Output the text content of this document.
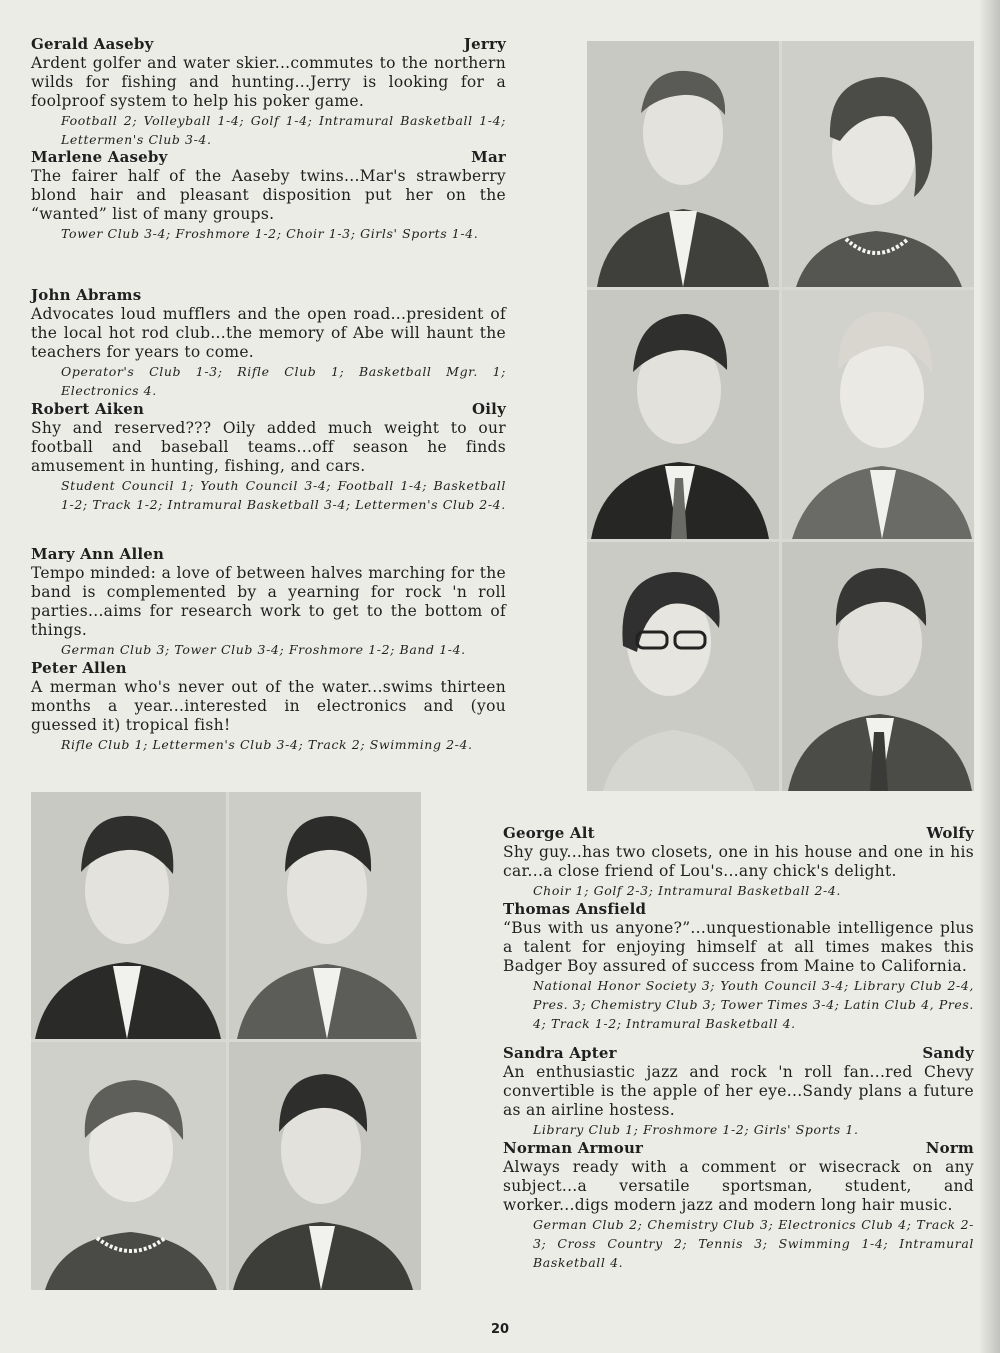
Gerald Aaseby	Jerry

Ardent golfer and water skier...commutes to the northern wilds for fishing and hunting...Jerry is looking for a foolproof system to help his poker game.

Football 2; Volleyball 1-4; Golf 1-4; Intramural Basketball 1-4; Lettermen's Club 3-4.

Marlene Aaseby	Mar

The fairer half of the Aaseby twins...Mar's strawberry blond hair and pleasant disposition put her on the “wanted” list of many groups.

Tower Club 3-4; Froshmore 1-2; Choir 1-3; Girls' Sports 1-4.

John Abrams

Advocates loud mufflers and the open road...president of the local hot rod club...the memory of Abe will haunt the teachers for years to come.

Operator's Club 1-3; Rifle Club 1; Basketball Mgr. 1; Electronics 4.

Robert Aiken	Oily

Shy and reserved??? Oily added much weight to our football and baseball teams...off season he finds amusement in hunting, fishing, and cars.

Student Council 1; Youth Council 3-4; Football 1-4; Basketball 1-2; Track 1-2; Intramural Basketball 3-4; Lettermen's Club 2-4.

Mary Ann Allen

Tempo minded: a love of between halves marching for the band is complemented by a yearning for rock 'n roll parties...aims for research work to get to the bottom of things.

German Club 3; Tower Club 3-4; Froshmore 1-2; Band 1-4.

Peter Allen

A merman who's never out of the water...swims thirteen months a year...interested in electronics and (you guessed it) tropical fish!

Rifle Club 1; Lettermen's Club 3-4; Track 2; Swimming 2-4.

George Alt	Wolfy

Shy guy...has two closets, one in his house and one in his car...a close friend of Lou's...any chick's delight.

Choir 1; Golf 2-3; Intramural Basketball 2-4.

Thomas Ansfield

“Bus with us anyone?”...unquestionable intelligence plus a talent for enjoying himself at all times makes this Badger Boy assured of success from Maine to California.

National Honor Society 3; Youth Council 3-4; Library Club 2-4, Pres. 3; Chemistry Club 3; Tower Times 3-4; Latin Club 4, Pres. 4; Track 1-2; Intramural Basketball 4.

Sandra Apter	Sandy

An enthusiastic jazz and rock 'n roll fan...red Chevy convertible is the apple of her eye...Sandy plans a future as an airline hostess.

Library Club 1; Froshmore 1-2; Girls' Sports 1.

Norman Armour	Norm

Always ready with a comment or wisecrack on any subject...a versatile sportsman, student, and worker...digs modern jazz and modern long hair music.

German Club 2; Chemistry Club 3; Electronics Club 4; Track 2-3; Cross Country 2; Tennis 3; Swimming 1-4; Intramural Basketball 4.

20
